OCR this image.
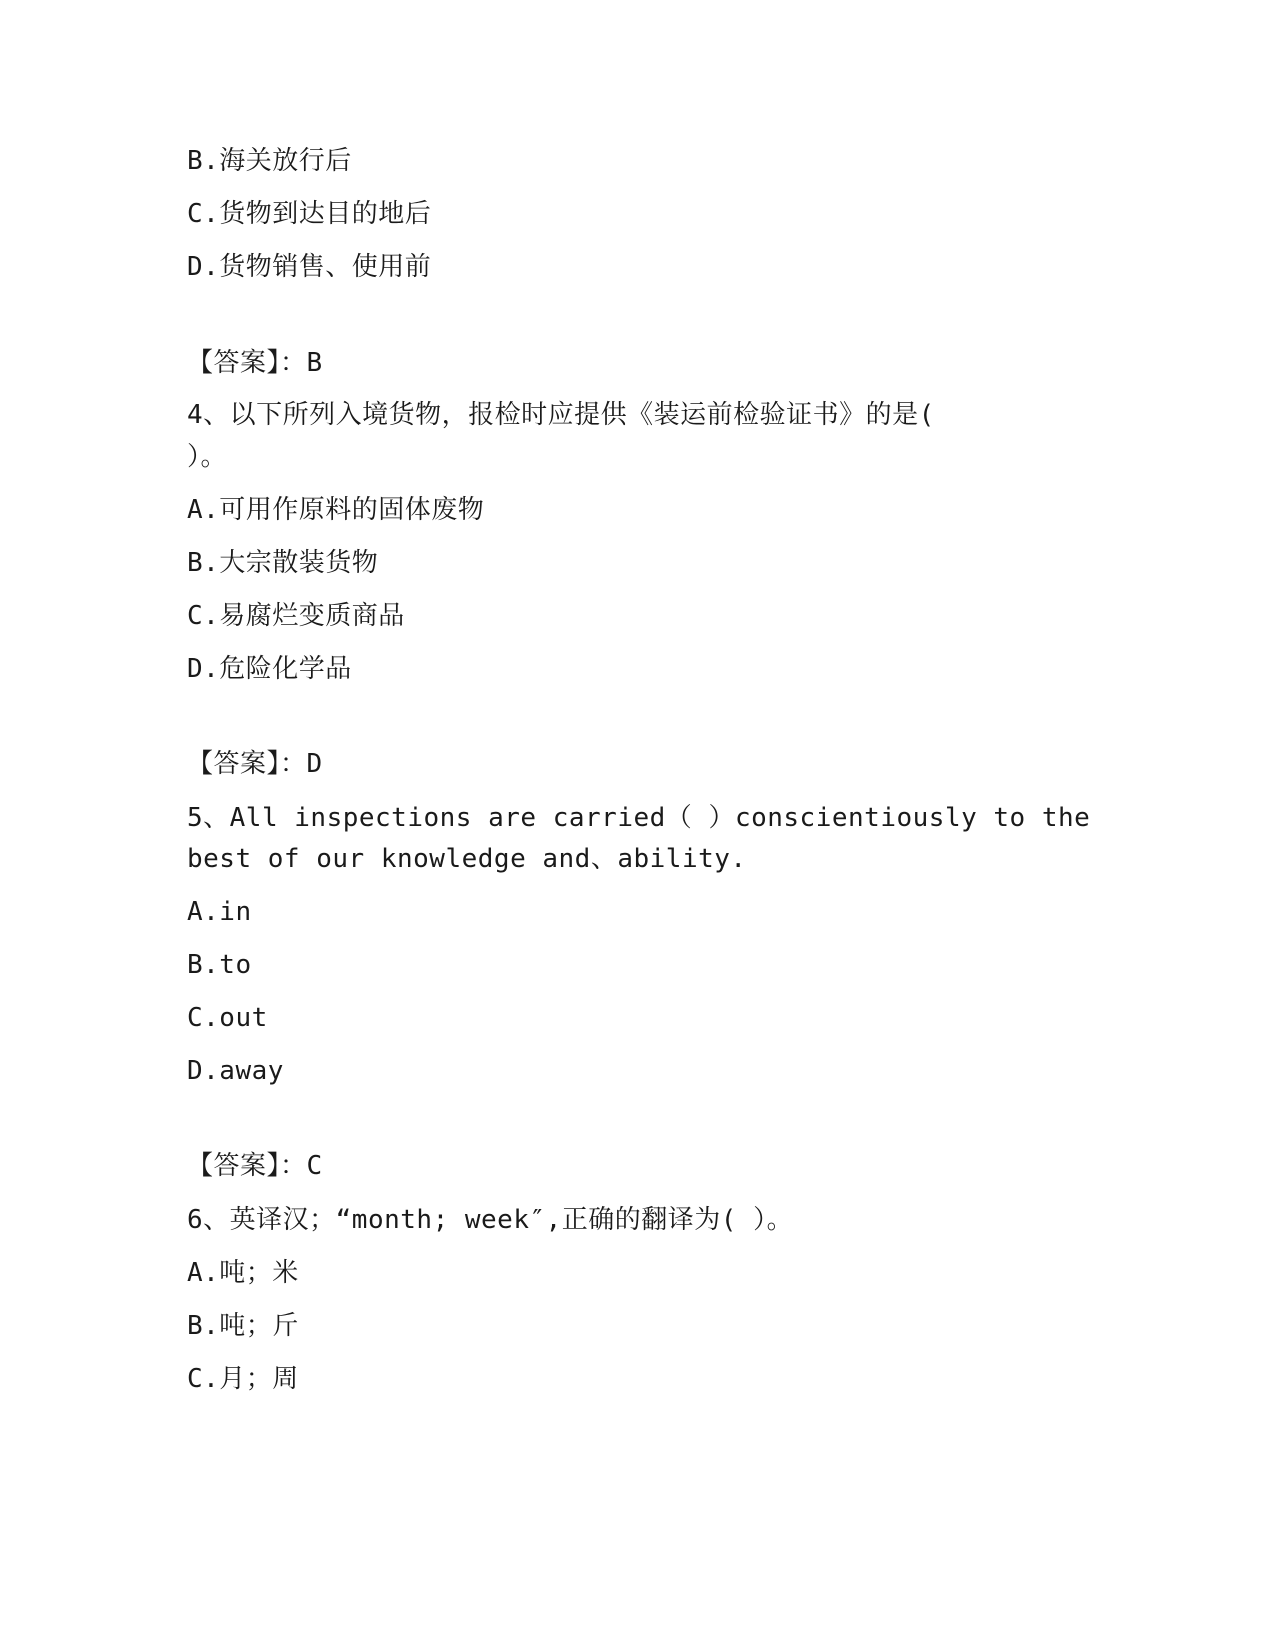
B.海关放行后
C.货物到达目的地后
D.货物销售、使用前
【答案】：B
4、以下所列入境货物，报检时应提供《装运前检验证书》的是(
）。
A.可用作原料的固体废物
B.大宗散装货物
C.易腐烂变质商品
D.危险化学品
【答案】：D
5、All inspections are carried（ ）conscientiously to the
best of our knowledge and、ability.
A.in
B.to
C.out
D.away
【答案】：C
6、英译汉；“month; week″,正确的翻译为( ）。
A.吨；米
B.吨；斤
C.月；周
